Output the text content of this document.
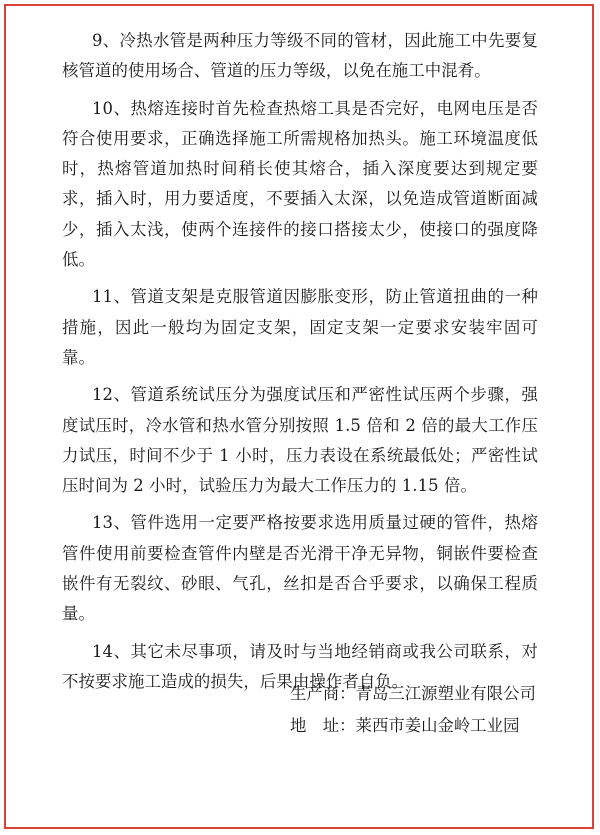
9、冷热水管是两种压力等级不同的管材，因此施工中先要复核管道的使用场合、管道的压力等级，以免在施工中混肴。

10、热熔连接时首先检查热熔工具是否完好，电网电压是否符合使用要求，正确选择施工所需规格加热头。施工环境温度低时，热熔管道加热时间稍长使其熔合，插入深度要达到规定要求，插入时，用力要适度，不要插入太深，以免造成管道断面减少，插入太浅，使两个连接件的接口搭接太少，使接口的强度降低。

11、管道支架是克服管道因膨胀变形，防止管道扭曲的一种措施，因此一般均为固定支架，固定支架一定要求安装牢固可靠。

12、管道系统试压分为强度试压和严密性试压两个步骤，强度试压时，冷水管和热水管分别按照 1.5 倍和 2 倍的最大工作压力试压，时间不少于 1 小时，压力表设在系统最低处；严密性试压时间为 2 小时，试验压力为最大工作压力的 1.15 倍。

13、管件选用一定要严格按要求选用质量过硬的管件，热熔管件使用前要检查管件内壁是否光滑干净无异物，铜嵌件要检查嵌件有无裂纹、砂眼、气孔，丝扣是否合乎要求，以确保工程质量。

14、其它未尽事项，请及时与当地经销商或我公司联系，对不按要求施工造成的损失，后果由操作者自负。

生产商：青岛三江源塑业有限公司
地　址：莱西市姜山金岭工业园
